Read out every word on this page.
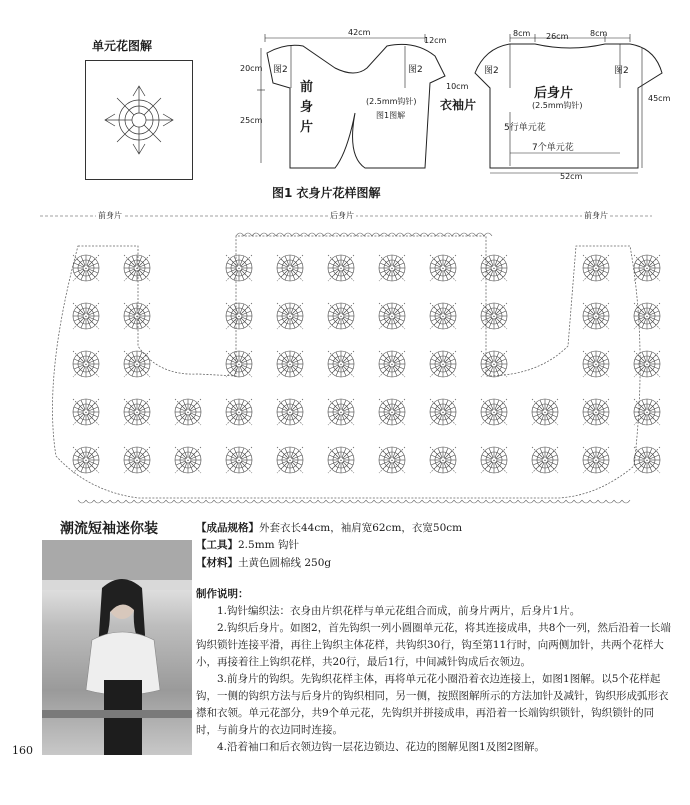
单元花图解
42cm
12cm
20cm
25cm
图2	图2
前身片
(2.5mm钩针)
图1图解
10cm
衣袖片
8cm 26cm	8cm
45cm
图2	图2
后身片
(2.5mm钩针)
5行单元花
7个单元花
52cm
图1 衣身片花样图解
前身片	后身片	前身片
潮流短袖迷你装	【成品规格】外套衣长44cm，袖肩宽62cm，衣宽50cm
【工具】2.5mm 钩针
【材料】土黄色圆棉线 250g
制作说明：
1.钩针编织法：衣身由片织花样与单元花组合而成，前身片两片，后身片1片。
2.钩织后身片。如图2，首先钩织一列小圆圈单元花，将其连接成串，共8个一列，然后沿着一长端钩织锁针连接平滑，再往上钩织主体花样，共钩织30行，钩至第11行时，向两侧加针，共两个花样大小，再接着往上钩织花样，共20行，最后1行，中间减针钩成后衣领边。
3.前身片的钩织。先钩织花样主体，再将单元花小圈沿着衣边连接上，如图1图解。以5个花样起钩，一侧的钩织方法与后身片的钩织相同，另一侧，按照图解所示的方法加针及减针，钩织形成弧形衣襟和衣领。单元花部分，共9个单元花，先钩织并拼接成串，再沿着一长端钩织锁针，钩织锁针的同时，与前身片的衣边同时连接。
4.沿着袖口和后衣领边钩一层花边锁边、花边的图解见图1及图2图解。
160
